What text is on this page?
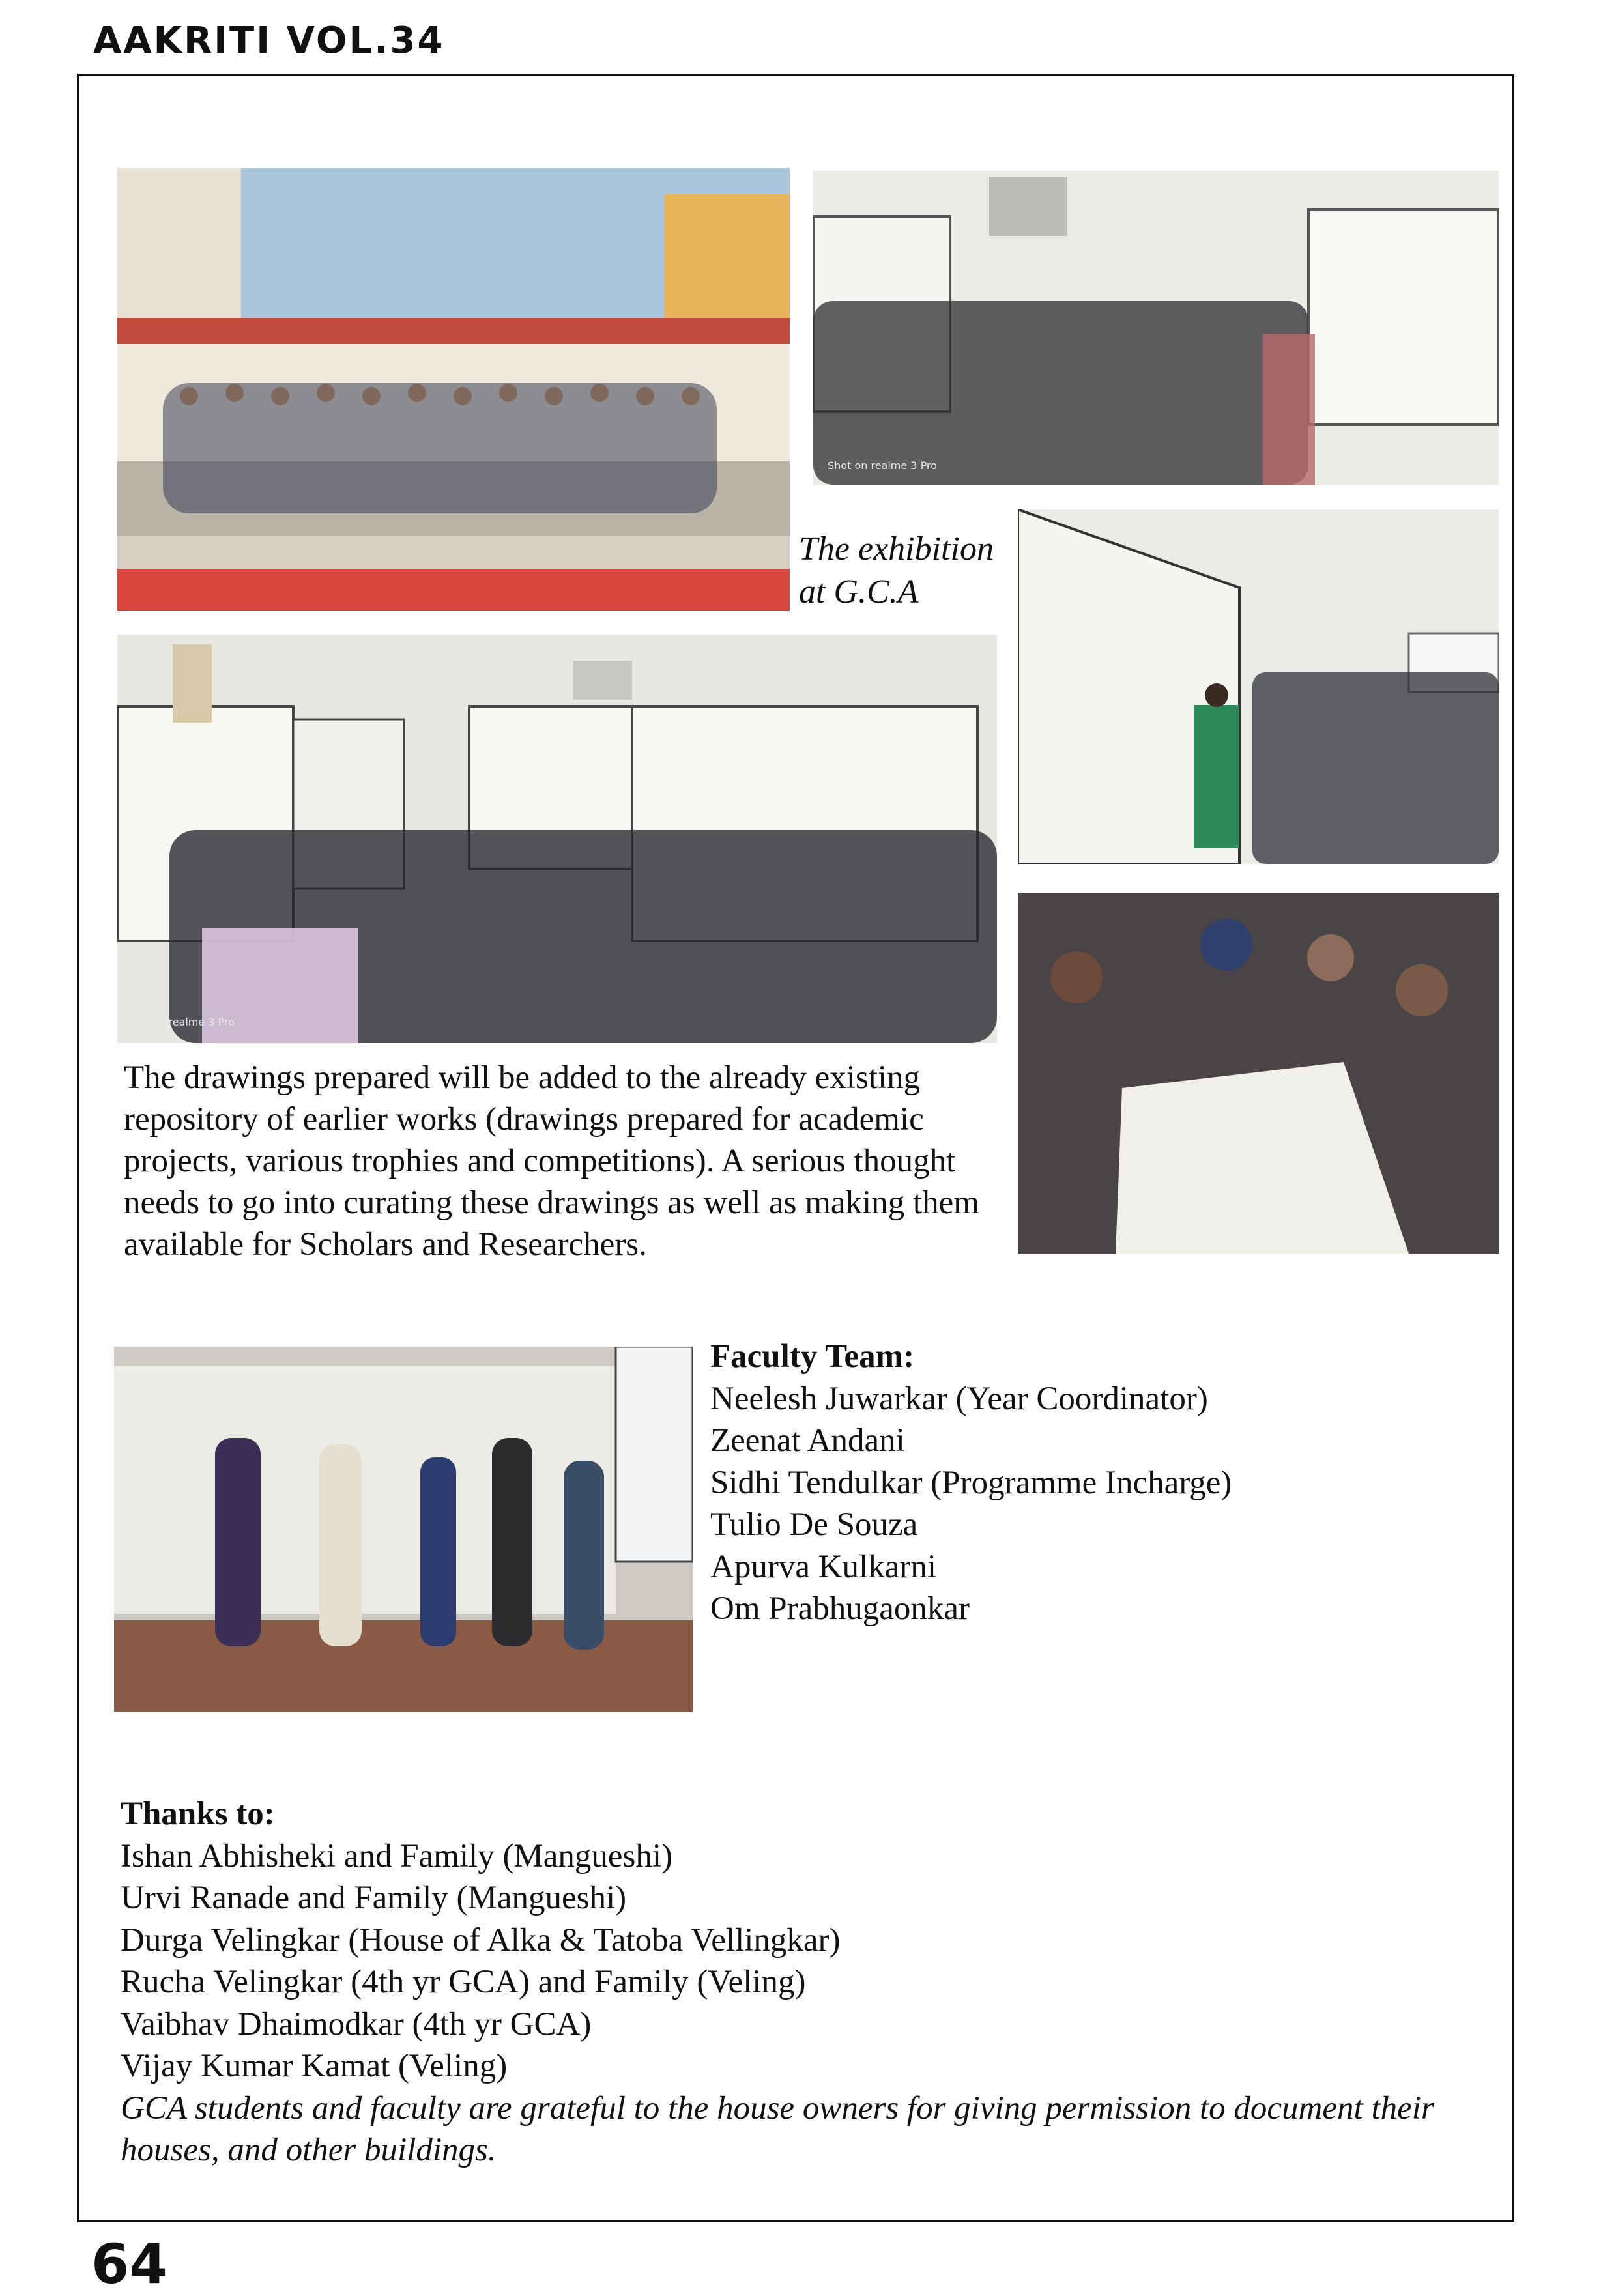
AAKRITI VOL.34
Shot on realme 3 Pro
The exhibition
at G.C.A
Shot on realme 3 Pro
The drawings prepared will be added to the already existing repository of earlier works (drawings prepared for academic projects, various trophies and competitions). A serious thought needs to go into curating these drawings as well as making them available for Scholars and Researchers.
Faculty Team:
Neelesh Juwarkar (Year Coordinator)
Zeenat Andani
Sidhi Tendulkar (Programme Incharge)
Tulio De Souza
Apurva Kulkarni
Om Prabhugaonkar
Thanks to:
Ishan Abhisheki and Family (Mangueshi)
Urvi Ranade and Family (Mangueshi)
Durga Velingkar (House of Alka & Tatoba Vellingkar)
Rucha Velingkar (4th yr GCA) and Family (Veling)
Vaibhav Dhaimodkar (4th yr GCA)
Vijay Kumar Kamat (Veling)
GCA students and faculty are grateful to the house owners for giving permission to document their houses, and other buildings.
64
